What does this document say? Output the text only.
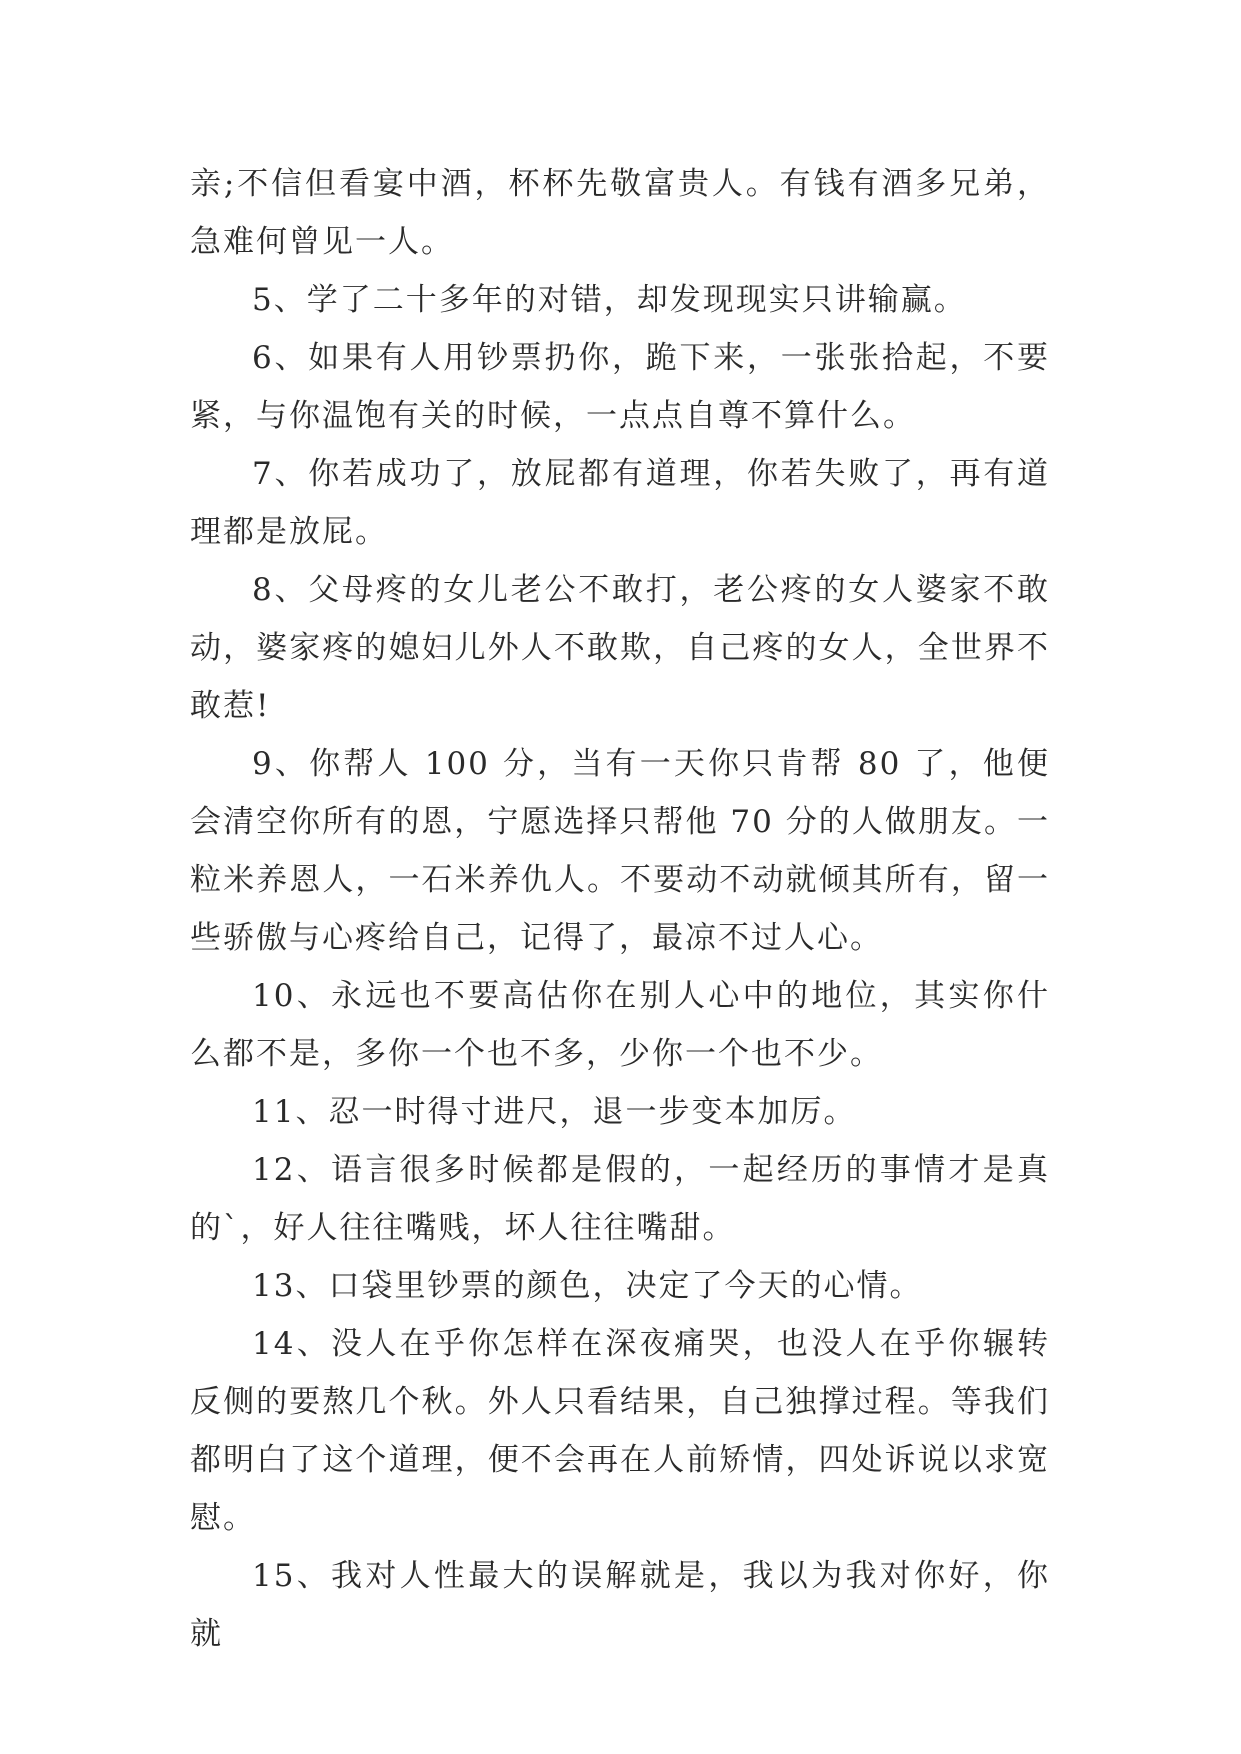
亲;不信但看宴中酒，杯杯先敬富贵人。有钱有酒多兄弟，急难何曾见一人。

5、学了二十多年的对错，却发现现实只讲输赢。

6、如果有人用钞票扔你，跪下来，一张张拾起，不要紧，与你温饱有关的时候，一点点自尊不算什么。

7、你若成功了，放屁都有道理，你若失败了，再有道理都是放屁。

8、父母疼的女儿老公不敢打，老公疼的女人婆家不敢动，婆家疼的媳妇儿外人不敢欺，自己疼的女人，全世界不敢惹!

9、你帮人 100 分，当有一天你只肯帮 80 了，他便会清空你所有的恩，宁愿选择只帮他 70 分的人做朋友。一粒米养恩人，一石米养仇人。不要动不动就倾其所有，留一些骄傲与心疼给自己，记得了，最凉不过人心。

10、永远也不要高估你在别人心中的地位，其实你什么都不是，多你一个也不多，少你一个也不少。

11、忍一时得寸进尺，退一步变本加厉。

12、语言很多时候都是假的，一起经历的事情才是真的`，好人往往嘴贱，坏人往往嘴甜。

13、口袋里钞票的颜色，决定了今天的心情。

14、没人在乎你怎样在深夜痛哭，也没人在乎你辗转反侧的要熬几个秋。外人只看结果，自己独撑过程。等我们都明白了这个道理，便不会再在人前矫情，四处诉说以求宽慰。

15、我对人性最大的误解就是，我以为我对你好，你就
